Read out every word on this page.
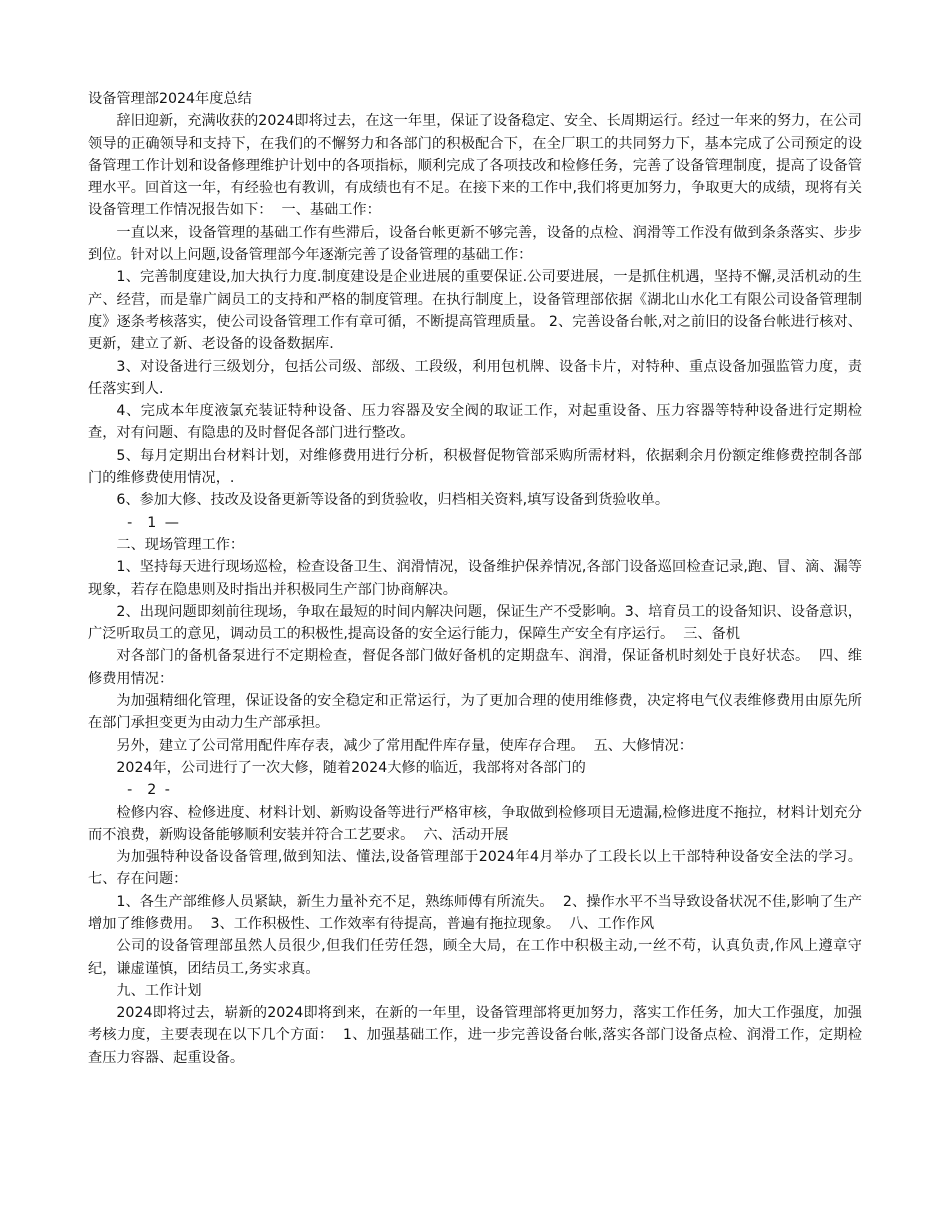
设备管理部2024年度总结

辞旧迎新，充满收获的2024即将过去，在这一年里，保证了设备稳定、安全、长周期运行。经过一年来的努力，在公司领导的正确领导和支持下，在我们的不懈努力和各部门的积极配合下，在全厂职工的共同努力下，基本完成了公司预定的设备管理工作计划和设备修理维护计划中的各项指标，顺利完成了各项技改和检修任务，完善了设备管理制度，提高了设备管理水平。回首这一年，有经验也有教训，有成绩也有不足。在接下来的工作中,我们将更加努力，争取更大的成绩，现将有关设备管理工作情况报告如下：  一、基础工作：

一直以来，设备管理的基础工作有些滞后，设备台帐更新不够完善，设备的点检、润滑等工作没有做到条条落实、步步到位。针对以上问题,设备管理部今年逐渐完善了设备管理的基础工作：

1、完善制度建设,加大执行力度.制度建设是企业进展的重要保证.公司要进展，一是抓住机遇，坚持不懈,灵活机动的生产、经营，而是靠广阔员工的支持和严格的制度管理。在执行制度上，设备管理部依据《湖北山水化工有限公司设备管理制度》逐条考核落实，使公司设备管理工作有章可循，不断提高管理质量。 2、完善设备台帐,对之前旧的设备台帐进行核对、更新，建立了新、老设备的设备数据库.

3、对设备进行三级划分，包括公司级、部级、工段级，利用包机牌、设备卡片，对特种、重点设备加强监管力度，责任落实到人.

4、完成本年度液氯充装证特种设备、压力容器及安全阀的取证工作，对起重设备、压力容器等特种设备进行定期检查，对有问题、有隐患的及时督促各部门进行整改。

5、每月定期出台材料计划，对维修费用进行分析，积极督促物管部采购所需材料，依据剩余月份额定维修费控制各部门的维修费使用情况，.

6、参加大修、技改及设备更新等设备的到货验收，归档相关资料,填写设备到货验收单。

-  1 —

二、现场管理工作：

1、坚持每天进行现场巡检，检查设备卫生、润滑情况，设备维护保养情况,各部门设备巡回检查记录,跑、冒、滴、漏等现象，若存在隐患则及时指出并积极同生产部门协商解决。

2、出现问题即刻前往现场，争取在最短的时间内解决问题，保证生产不受影响。3、培育员工的设备知识、设备意识，广泛听取员工的意见，调动员工的积极性,提高设备的安全运行能力，保障生产安全有序运行。  三、备机

对各部门的备机备泵进行不定期检查，督促各部门做好备机的定期盘车、润滑，保证备机时刻处于良好状态。  四、维修费用情况：

为加强精细化管理，保证设备的安全稳定和正常运行，为了更加合理的使用维修费，决定将电气仪表维修费用由原先所在部门承担变更为由动力生产部承担。

另外，建立了公司常用配件库存表，减少了常用配件库存量，使库存合理。  五、大修情况：

2024年，公司进行了一次大修，随着2024大修的临近，我部将对各部门的

-  2 -

检修内容、检修进度、材料计划、新购设备等进行严格审核，争取做到检修项目无遗漏,检修进度不拖拉，材料计划充分而不浪费，新购设备能够顺利安装并符合工艺要求。  六、活动开展

为加强特种设备设备管理,做到知法、懂法,设备管理部于2024年4月举办了工段长以上干部特种设备安全法的学习。  七、存在问题：

1、各生产部维修人员紧缺，新生力量补充不足，熟练师傅有所流失。  2、操作水平不当导致设备状况不佳,影响了生产增加了维修费用。  3、工作积极性、工作效率有待提高，普遍有拖拉现象。  八、工作作风

公司的设备管理部虽然人员很少,但我们任劳任怨，顾全大局，在工作中积极主动,一丝不苟，认真负责,作风上遵章守纪，谦虚谨慎，团结员工,务实求真。

九、工作计划

2024即将过去，崭新的2024即将到来，在新的一年里，设备管理部将更加努力，落实工作任务，加大工作强度，加强考核力度，主要表现在以下几个方面：  1、加强基础工作，进一步完善设备台帐,落实各部门设备点检、润滑工作，定期检查压力容器、起重设备。
